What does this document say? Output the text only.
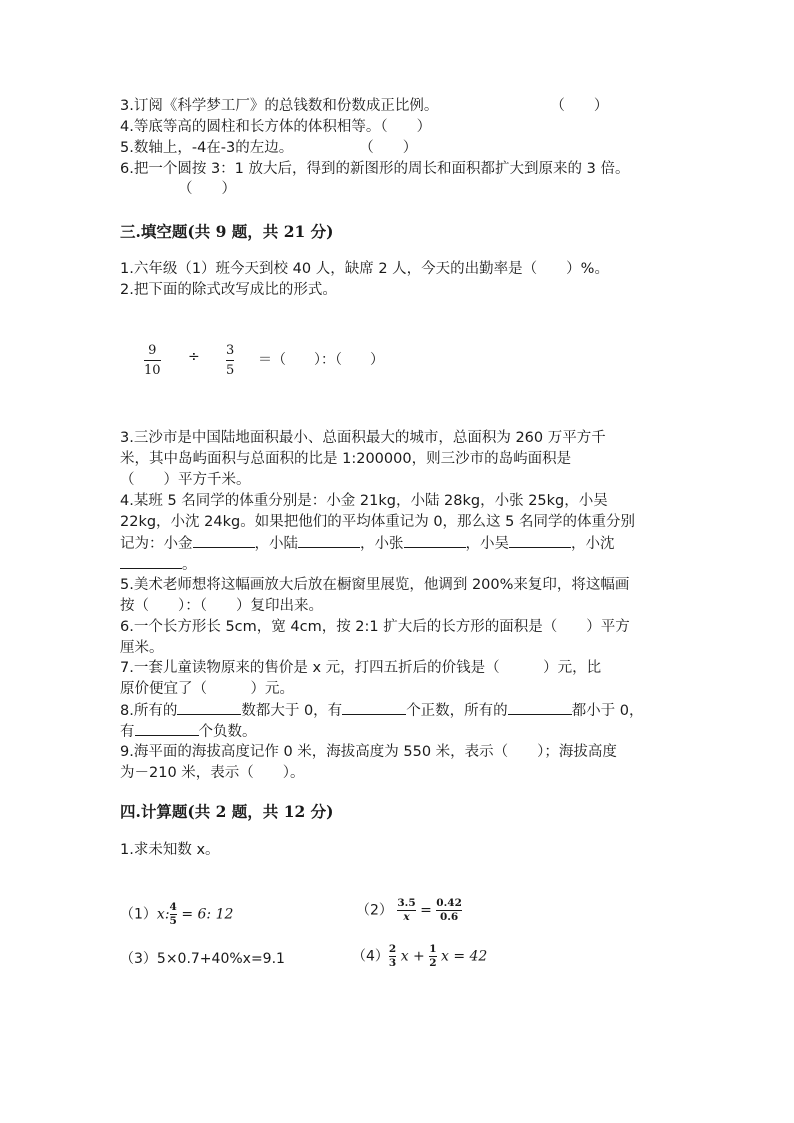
3.订阅《科学梦工厂》的总钱数和份数成正比例。	（　　）
4.等底等高的圆柱和长方体的体积相等。（　　）
5.数轴上，-4在-3的左边。	（　　）
6.把一个圆按 3：1 放大后，得到的新图形的周长和面积都扩大到原来的 3 倍。
（　　）
三.填空题(共 9 题，共 21 分)
1.六年级（1）班今天到校 40 人，缺席 2 人，今天的出勤率是（　　）%。
2.把下面的除式改写成比的形式。
9
10
÷ 3
5
＝（　　）：（　　）
3.三沙市是中国陆地面积最小、总面积最大的城市，总面积为 260 万平方千
米，其中岛屿面积与总面积的比是 1:200000，则三沙市的岛屿面积是
（　　）平方千米。
4.某班 5 名同学的体重分别是：小金 21kg，小陆 28kg，小张 25kg，小吴
22kg，小沈 24kg。如果把他们的平均体重记为 0，那么这 5 名同学的体重分别
记为：小金	，小陆	，小张	，小吴	，小沈
。
5.美术老师想将这幅画放大后放在橱窗里展览，他调到 200%来复印，将这幅画
按（　　）：（　　）复印出来。
6.一个长方形长 5cm，宽 4cm，按 2:1 扩大后的长方形的面积是（　　）平方
厘米。
7.一套儿童读物原来的售价是 x 元，打四五折后的价钱是（　　　）元，比
原价便宜了（　　　）元。
8.所有的	数都大于 0，有	个正数，所有的	都小于 0，
有	个负数。
9.海平面的海拔高度记作 0 米，海拔高度为 550 米，表示（　　）；海拔高度
为－210 米，表示（　　）。
四.计算题(共 2 题，共 12 分)
1.求未知数 x。
（1）x: $\frac{4}{5} = 6$: 12	$(2) \frac{3.5}{x} = \frac{0.42}{0.6}$
（3）5×0.7+40%x=9.1	$(4) \frac{2}{3}$ $x + \frac{1}{2}$ x = 42
